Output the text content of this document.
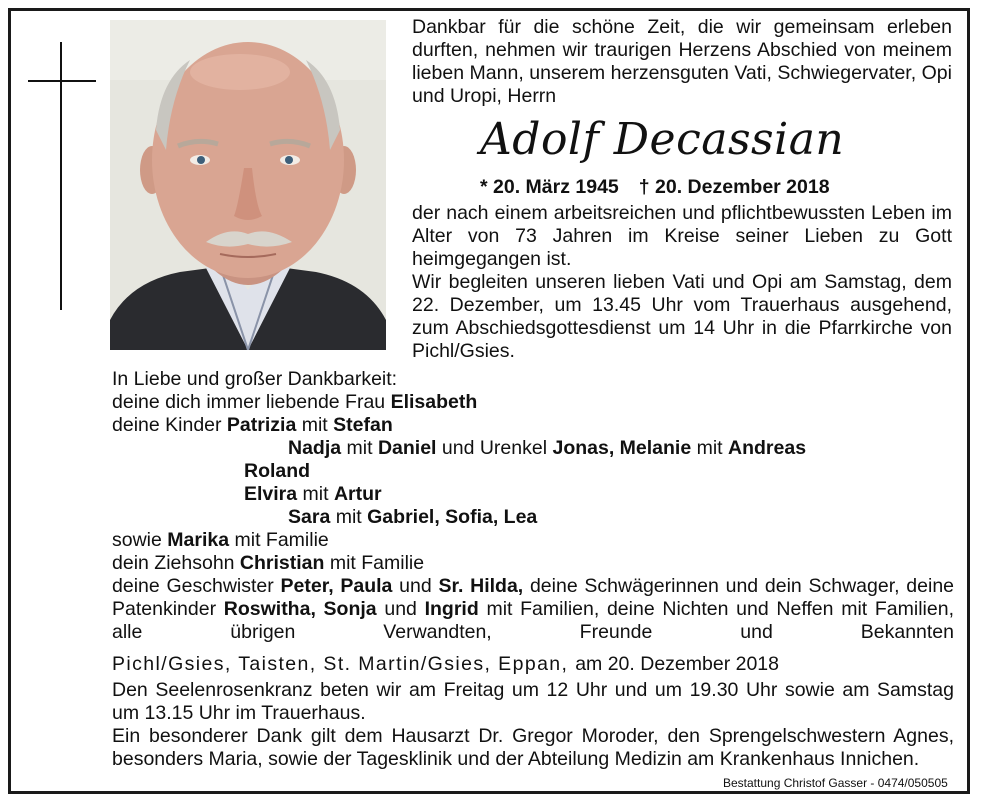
Dankbar für die schöne Zeit, die wir gemeinsam erleben durften, nehmen wir traurigen Herzens Abschied von meinem lieben Mann, unserem herzensguten Vati, Schwiegervater, Opi und Uropi, Herrn
Adolf Decassian
* 20. März 1945 † 20. Dezember 2018
der nach einem arbeitsreichen und pflichtbewussten Leben im Alter von 73 Jahren im Kreise seiner Lieben zu Gott heimgegangen ist.
Wir begleiten unseren lieben Vati und Opi am Samstag, dem 22. Dezember, um 13.45 Uhr vom Trauerhaus ausgehend, zum Abschiedsgottesdienst um 14 Uhr in die Pfarrkirche von Pichl/Gsies.
In Liebe und großer Dankbarkeit:
deine dich immer liebende Frau Elisabeth
deine Kinder Patrizia mit Stefan
Nadja mit Daniel und Urenkel Jonas, Melanie mit Andreas
Roland
Elvira mit Artur
Sara mit Gabriel, Sofia, Lea
sowie Marika mit Familie
dein Ziehsohn Christian mit Familie
deine Geschwister Peter, Paula und Sr. Hilda, deine Schwägerinnen und dein Schwager, deine Patenkinder Roswitha, Sonja und Ingrid mit Familien, deine Nichten und Neffen mit Familien, alle übrigen Verwandten, Freunde und Bekannten
Pichl/Gsies, Taisten, St. Martin/Gsies, Eppan, am 20. Dezember 2018
Den Seelenrosenkranz beten wir am Freitag um 12 Uhr und um 19.30 Uhr sowie am Samstag um 13.15 Uhr im Trauerhaus.
Ein besonderer Dank gilt dem Hausarzt Dr. Gregor Moroder, den Sprengelschwestern Agnes, besonders Maria, sowie der Tagesklinik und der Abteilung Medizin am Krankenhaus Innichen.
Bestattung Christof Gasser - 0474/050505
